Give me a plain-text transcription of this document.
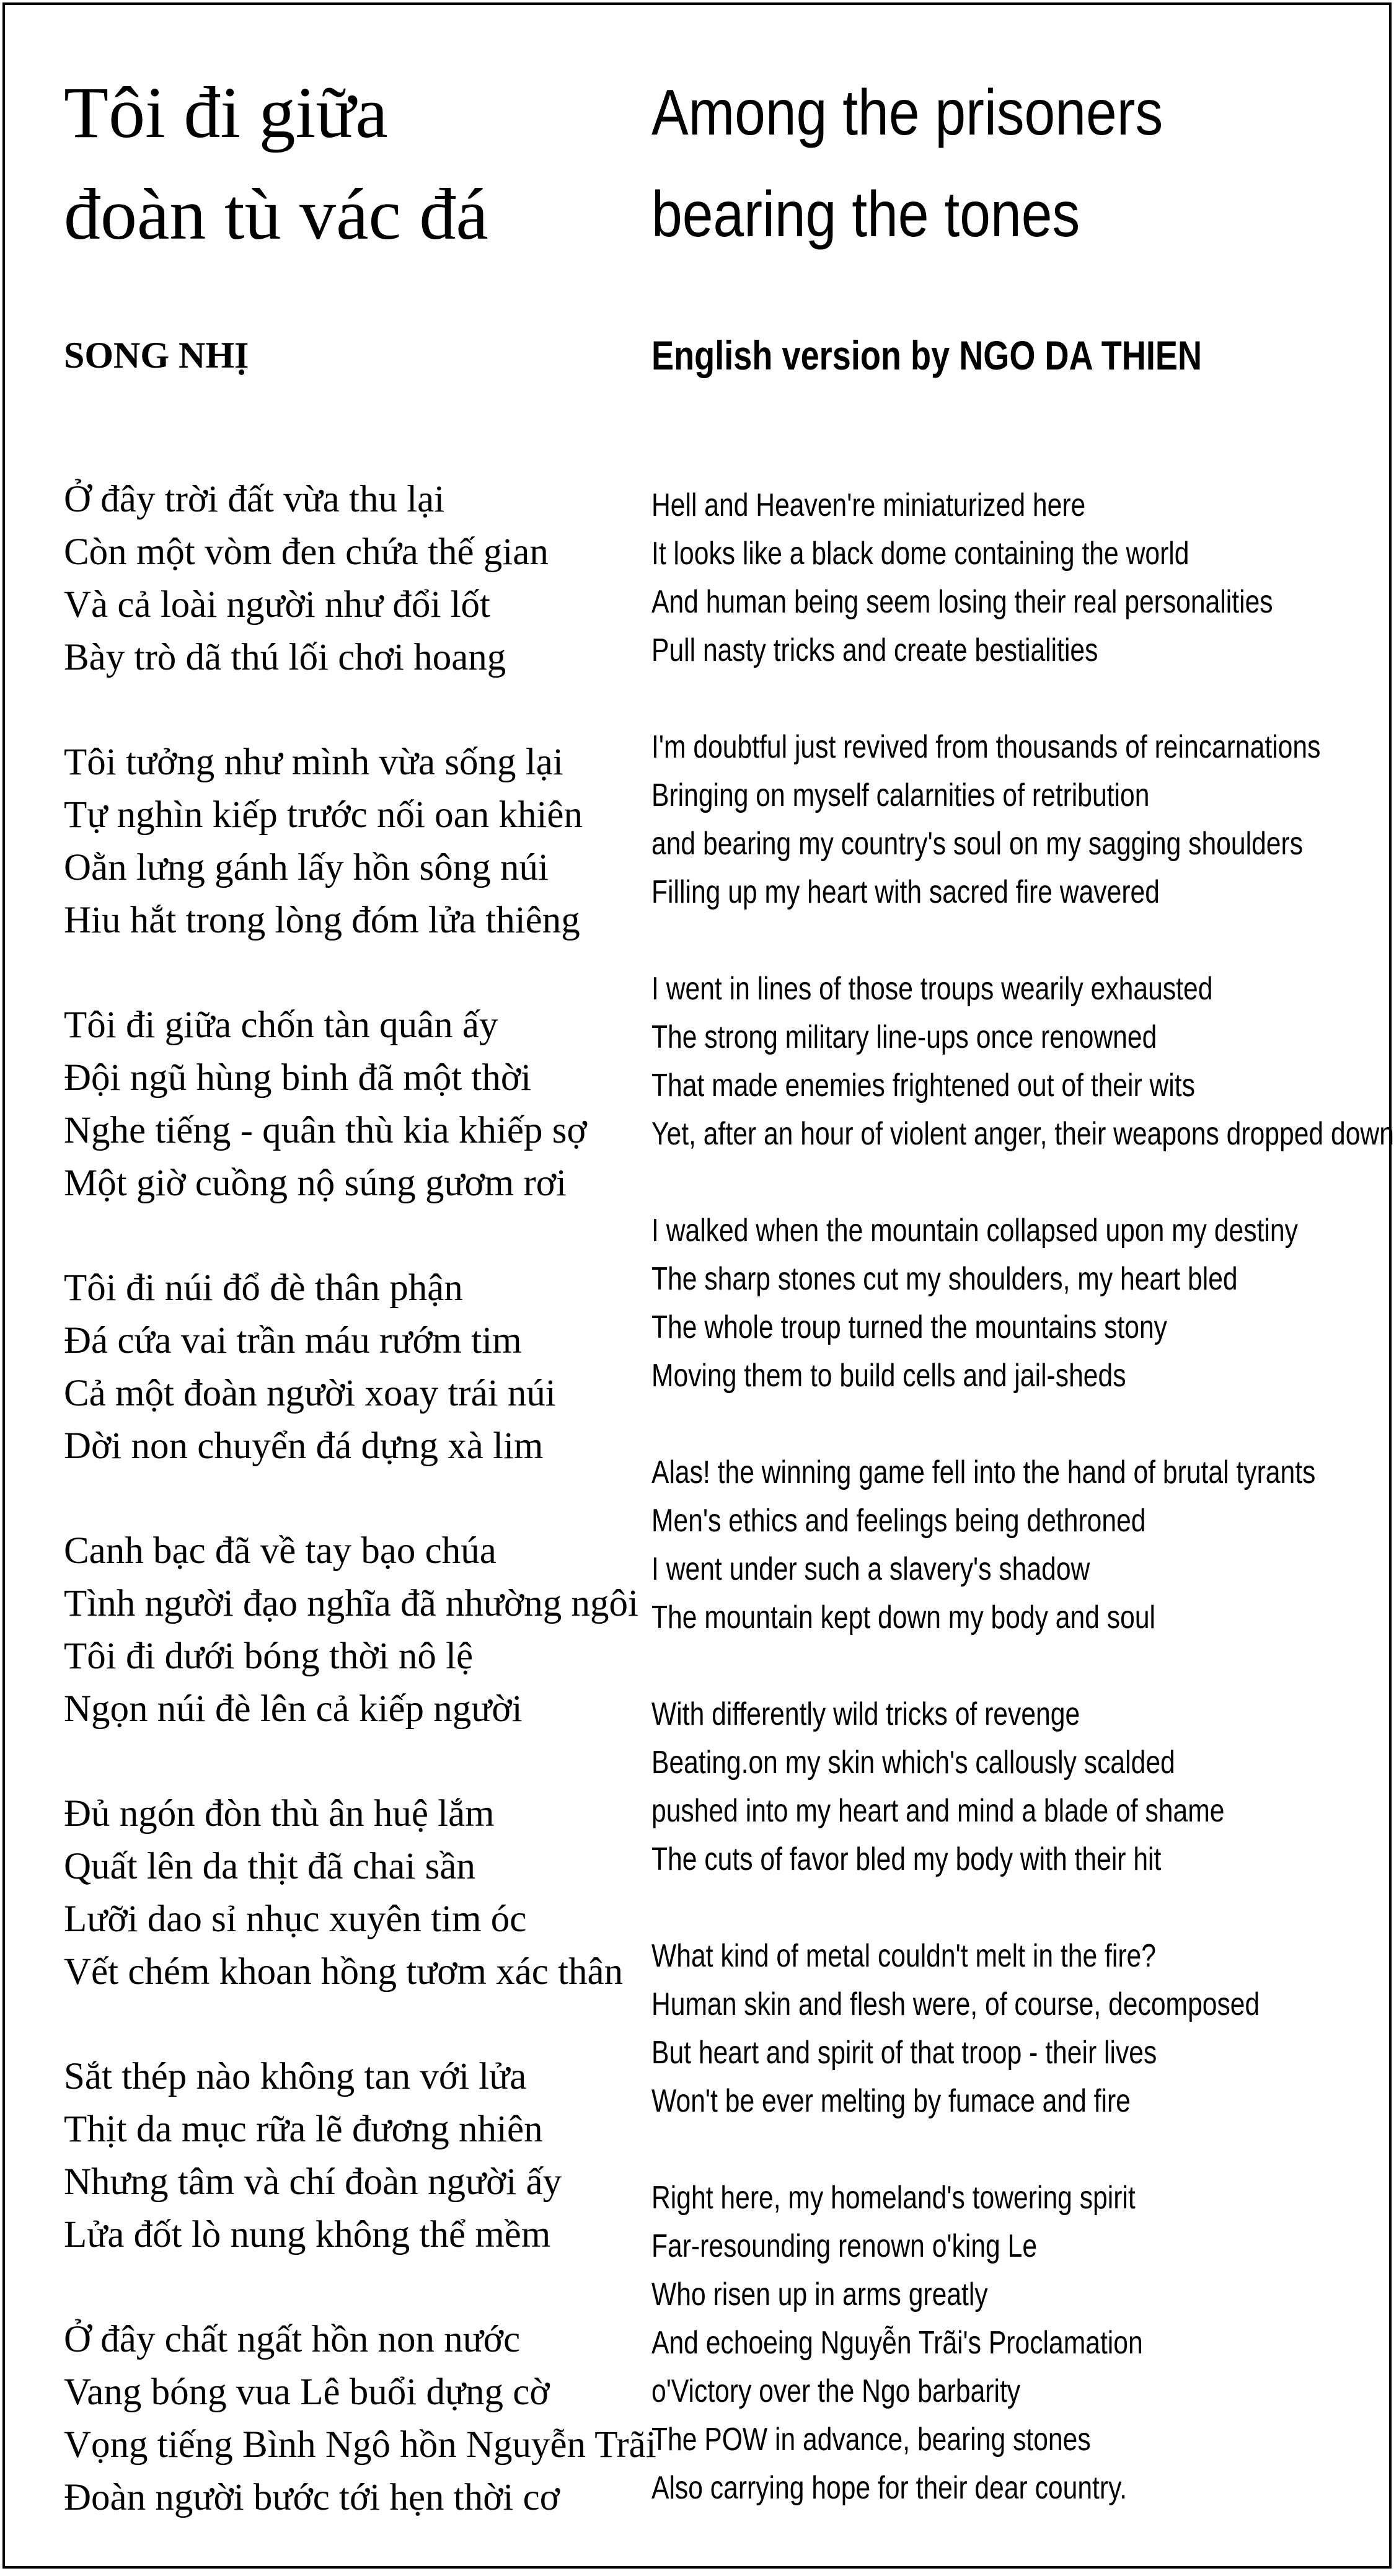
Tôi đi giữa
đoàn tù vác đá
SONG NHỊ
Ở đây trời đất vừa thu lại
Còn một vòm đen chứa thế gian
Và cả loài người như đổi lốt
Bày trò dã thú lối chơi hoang
Tôi tưởng như mình vừa sống lại
Tự nghìn kiếp trước nối oan khiên
Oằn lưng gánh lấy hồn sông núi
Hiu hắt trong lòng đóm lửa thiêng
Tôi đi giữa chốn tàn quân ấy
Đội ngũ hùng binh đã một thời
Nghe tiếng - quân thù kia khiếp sợ
Một giờ cuồng nộ súng gươm rơi
Tôi đi núi đổ đè thân phận
Đá cứa vai trần máu rướm tim
Cả một đoàn người xoay trái núi
Dời non chuyển đá dựng xà lim
Canh bạc đã về tay bạo chúa
Tình người đạo nghĩa đã nhường ngôi
Tôi đi dưới bóng thời nô lệ
Ngọn núi đè lên cả kiếp người
Đủ ngón đòn thù ân huệ lắm
Quất lên da thịt đã chai sần
Lưỡi dao sỉ nhục xuyên tim óc
Vết chém khoan hồng tươm xác thân
Sắt thép nào không tan với lửa
Thịt da mục rữa lẽ đương nhiên
Nhưng tâm và chí đoàn người ấy
Lửa đốt lò nung không thể mềm
Ở đây chất ngất hồn non nước
Vang bóng vua Lê buổi dựng cờ
Vọng tiếng Bình Ngô hồn Nguyễn Trãi
Đoàn người bước tới hẹn thời cơ
Among the prisoners
bearing the tones
English version by NGO DA THIEN
Hell and Heaven're miniaturized here
It looks like a black dome containing the world
And human being seem losing their real personalities
Pull nasty tricks and create bestialities
I'm doubtful just revived from thousands of reincarnations
Bringing on myself calarnities of retribution
and bearing my country's soul on my sagging shoulders
Filling up my heart with sacred fire wavered
I went in lines of those troups wearily exhausted
The strong military line-ups once renowned
That made enemies frightened out of their wits
Yet, after an hour of violent anger, their weapons dropped down
I walked when the mountain collapsed upon my destiny
The sharp stones cut my shoulders, my heart bled
The whole troup turned the mountains stony
Moving them to build cells and jail-sheds
Alas! the winning game fell into the hand of brutal tyrants
Men's ethics and feelings being dethroned
I went under such a slavery's shadow
The mountain kept down my body and soul
With differently wild tricks of revenge
Beating.on my skin which's callously scalded
pushed into my heart and mind a blade of shame
The cuts of favor bled my body with their hit
What kind of metal couldn't melt in the fire?
Human skin and flesh were, of course, decomposed
But heart and spirit of that troop - their lives
Won't be ever melting by fumace and fire
Right here, my homeland's towering spirit
Far-resounding renown o'king Le
Who risen up in arms greatly
And echoeing Nguyễn Trãi's Proclamation
o'Victory over the Ngo barbarity
The POW in advance, bearing stones
Also carrying hope for their dear country.
